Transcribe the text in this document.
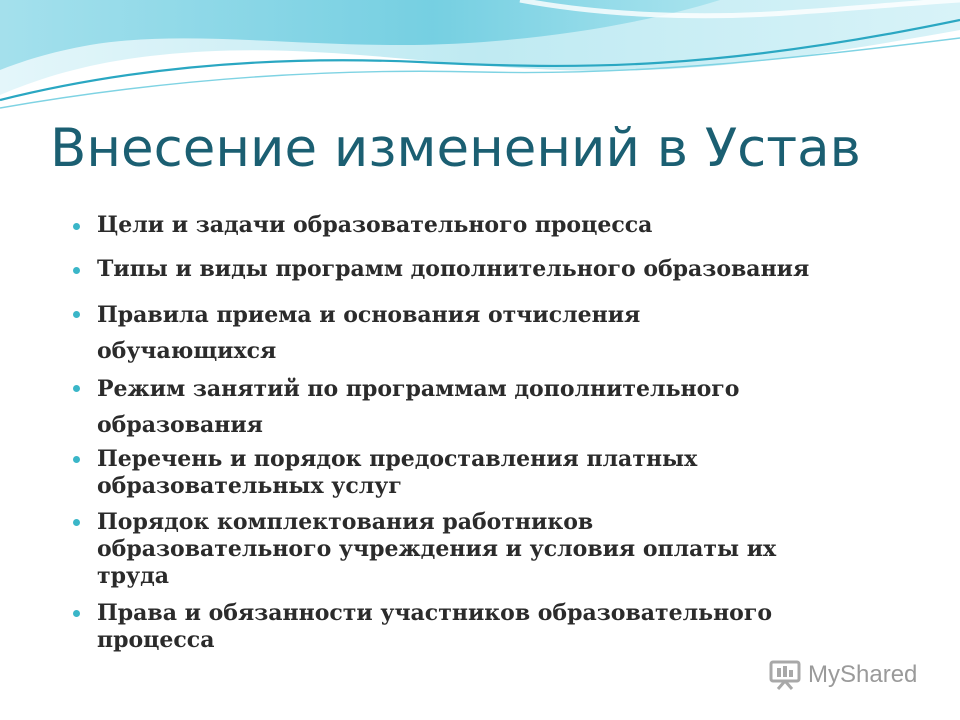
Внесение изменений в Устав
Цели и задачи образовательного процесса
Типы и виды программ дополнительного образования
Правила приема и основания отчисления
обучающихся
Режим занятий по программам дополнительного
образования
Перечень и порядок предоставления платных
образовательных услуг
Порядок комплектования работников
образовательного учреждения и условия оплаты их
труда
Права и обязанности участников образовательного
процесса
MyShared
